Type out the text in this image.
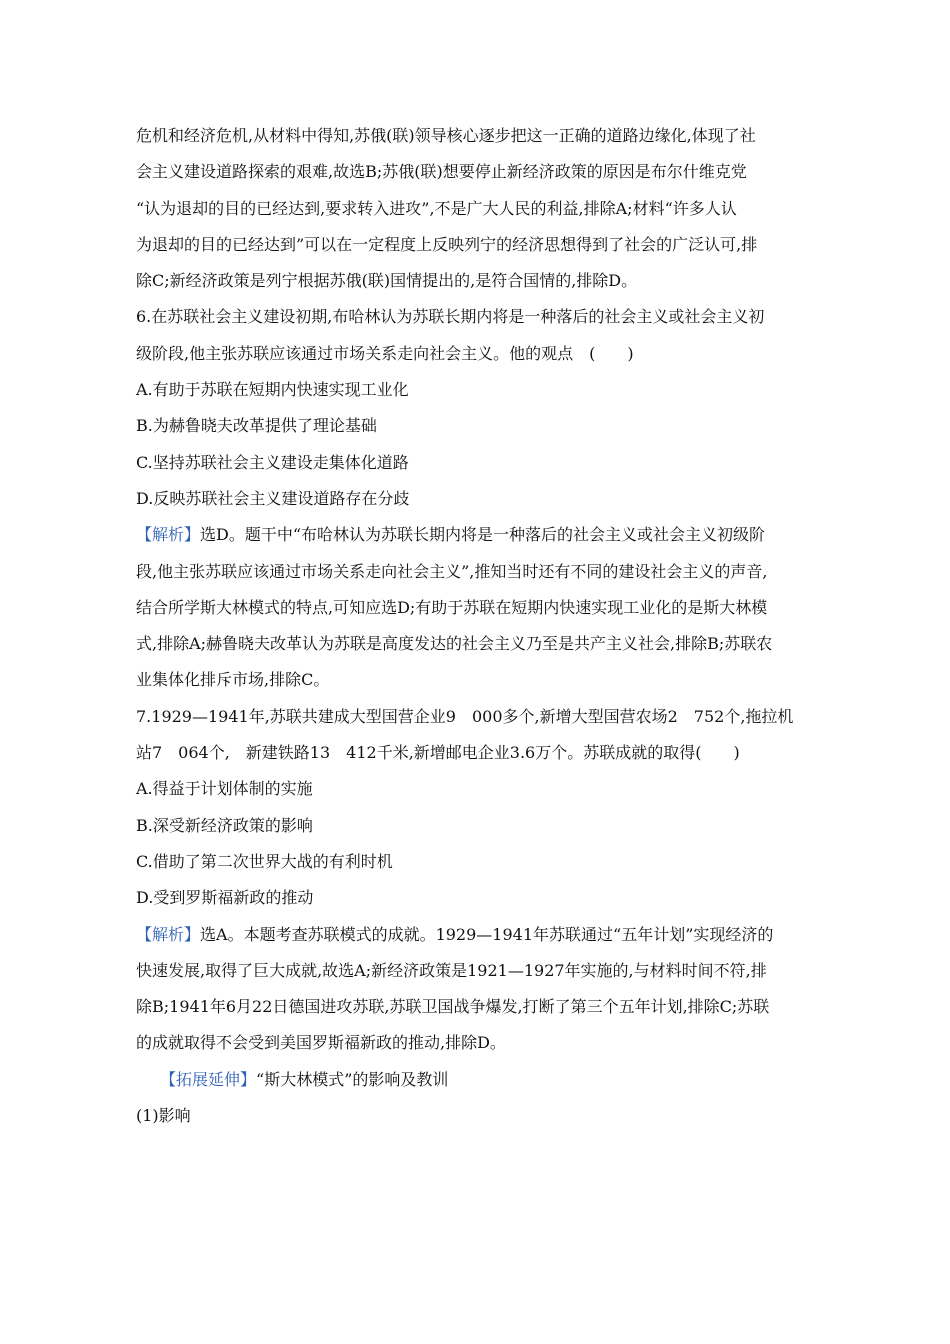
危机和经济危机,从材料中得知,苏俄(联)领导核心逐步把这一正确的道路边缘化,体现了社
会主义建设道路探索的艰难,故选B;苏俄(联)想要停止新经济政策的原因是布尔什维克党
“认为退却的目的已经达到,要求转入进攻”,不是广大人民的利益,排除A;材料“许多人认
为退却的目的已经达到”可以在一定程度上反映列宁的经济思想得到了社会的广泛认可,排
除C;新经济政策是列宁根据苏俄(联)国情提出的,是符合国情的,排除D。
6.在苏联社会主义建设初期,布哈林认为苏联长期内将是一种落后的社会主义或社会主义初
级阶段,他主张苏联应该通过市场关系走向社会主义。他的观点　(　　)
A.有助于苏联在短期内快速实现工业化
B.为赫鲁晓夫改革提供了理论基础
C.坚持苏联社会主义建设走集体化道路
D.反映苏联社会主义建设道路存在分歧
【解析】选D。题干中“布哈林认为苏联长期内将是一种落后的社会主义或社会主义初级阶
段,他主张苏联应该通过市场关系走向社会主义”,推知当时还有不同的建设社会主义的声音,
结合所学斯大林模式的特点,可知应选D;有助于苏联在短期内快速实现工业化的是斯大林模
式,排除A;赫鲁晓夫改革认为苏联是高度发达的社会主义乃至是共产主义社会,排除B;苏联农
业集体化排斥市场,排除C。
7.1929—1941年,苏联共建成大型国营企业9　000多个,新增大型国营农场2　752个,拖拉机
站7　064个,　新建铁路13　412千米,新增邮电企业3.6万个。苏联成就的取得(　　)
A.得益于计划体制的实施
B.深受新经济政策的影响
C.借助了第二次世界大战的有利时机
D.受到罗斯福新政的推动
【解析】选A。本题考查苏联模式的成就。1929—1941年苏联通过“五年计划”实现经济的
快速发展,取得了巨大成就,故选A;新经济政策是1921—1927年实施的,与材料时间不符,排
除B;1941年6月22日德国进攻苏联,苏联卫国战争爆发,打断了第三个五年计划,排除C;苏联
的成就取得不会受到美国罗斯福新政的推动,排除D。
【拓展延伸】“斯大林模式”的影响及教训
(1)影响
